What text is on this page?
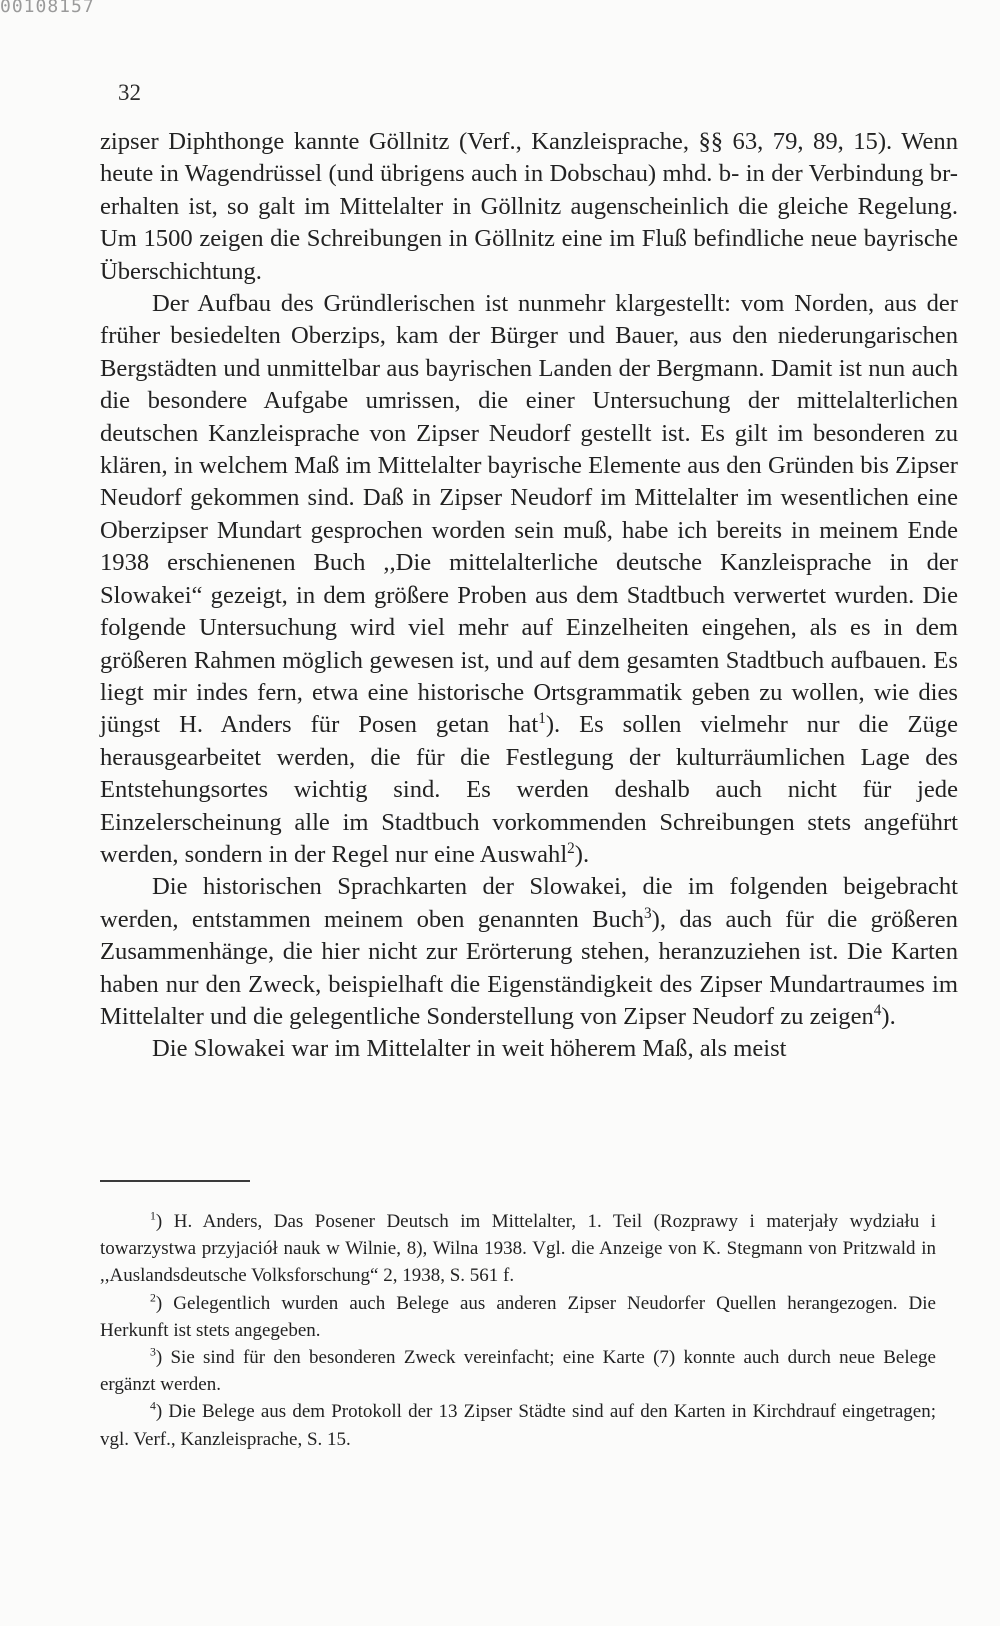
00108157
32

zipser Diphthonge kannte Göllnitz (Verf., Kanzleisprache, §§ 63, 79, 89, 15). Wenn heute in Wagendrüssel (und übrigens auch in Dobschau) mhd. b- in der Verbindung br- erhalten ist, so galt im Mittelalter in Göllnitz augenscheinlich die gleiche Regelung. Um 1500 zeigen die Schreibungen in Göllnitz eine im Fluß befindliche neue bayrische Überschichtung.

Der Aufbau des Gründlerischen ist nunmehr klargestellt: vom Norden, aus der früher besiedelten Oberzips, kam der Bürger und Bauer, aus den niederungarischen Bergstädten und unmittelbar aus bayrischen Landen der Bergmann. Damit ist nun auch die besondere Aufgabe umrissen, die einer Untersuchung der mittelalterlichen deutschen Kanzleisprache von Zipser Neudorf gestellt ist. Es gilt im besonderen zu klären, in welchem Maß im Mittelalter bayrische Elemente aus den Gründen bis Zipser Neudorf gekommen sind. Daß in Zipser Neudorf im Mittelalter im wesentlichen eine Oberzipser Mundart gesprochen worden sein muß, habe ich bereits in meinem Ende 1938 erschienenen Buch ,,Die mittelalterliche deutsche Kanzleisprache in der Slowakei“ gezeigt, in dem größere Proben aus dem Stadtbuch verwertet wurden. Die folgende Untersuchung wird viel mehr auf Einzelheiten eingehen, als es in dem größeren Rahmen möglich gewesen ist, und auf dem gesamten Stadtbuch aufbauen. Es liegt mir indes fern, etwa eine historische Ortsgrammatik geben zu wollen, wie dies jüngst H. Anders für Posen getan hat$^1$). Es sollen vielmehr nur die Züge herausgearbeitet werden, die für die Festlegung der kulturräumlichen Lage des Entstehungsortes wichtig sind. Es werden deshalb auch nicht für jede Einzelerscheinung alle im Stadtbuch vorkommenden Schreibungen stets angeführt werden, sondern in der Regel nur eine Auswahl$^2$).

Die historischen Sprachkarten der Slowakei, die im folgenden beigebracht werden, entstammen meinem oben genannten Buch$^3$), das auch für die größeren Zusammenhänge, die hier nicht zur Erörterung stehen, heranzuziehen ist. Die Karten haben nur den Zweck, beispielhaft die Eigenständigkeit des Zipser Mundartraumes im Mittelalter und die gelegentliche Sonderstellung von Zipser Neudorf zu zeigen$^4$).

Die Slowakei war im Mittelalter in weit höherem Maß, als meist

$^1$) H. Anders, Das Posener Deutsch im Mittelalter, 1. Teil (Rozprawy i materjały wydziału i towarzystwa przyjaciół nauk w Wilnie, 8), Wilna 1938. Vgl. die Anzeige von K. Stegmann von Pritzwald in ,,Auslandsdeutsche Volksforschung“ 2, 1938, S. 561 f.

$^2$) Gelegentlich wurden auch Belege aus anderen Zipser Neudorfer Quellen herangezogen. Die Herkunft ist stets angegeben.

$^3$) Sie sind für den besonderen Zweck vereinfacht; eine Karte (7) konnte auch durch neue Belege ergänzt werden.

$^4$) Die Belege aus dem Protokoll der 13 Zipser Städte sind auf den Karten in Kirchdrauf eingetragen; vgl. Verf., Kanzleisprache, S. 15.
